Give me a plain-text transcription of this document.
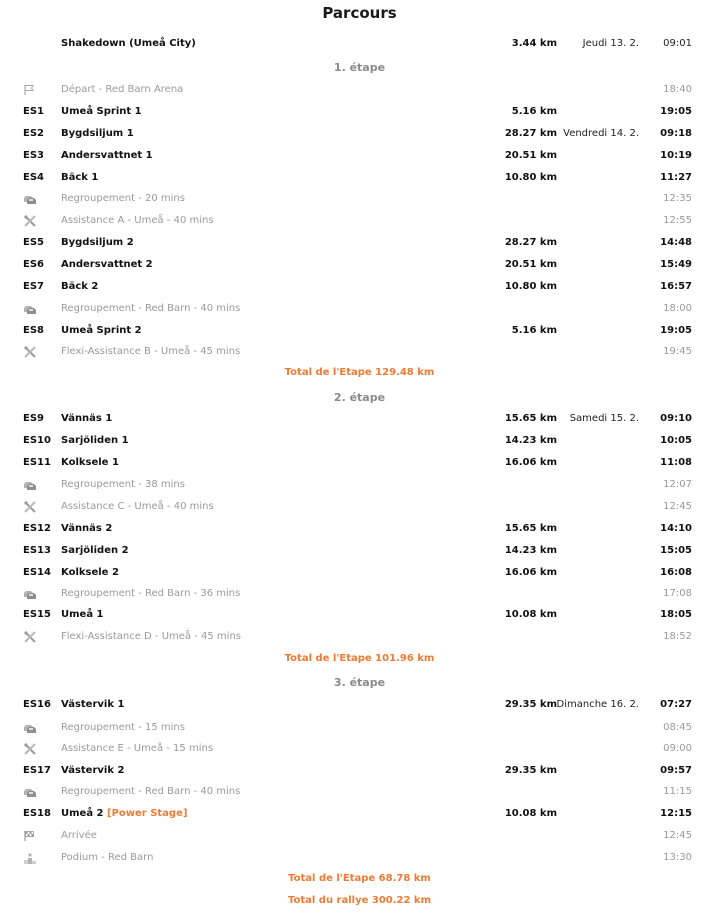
Parcours
Shakedown (Umeå City)	3.44 km	Jeudi 13. 2. 09:01
1. étape
Départ - Red Barn Arena	18:40
ES1 Umeå Sprint 1	5.16 km	19:05
ES2 Bygdsiljum 1	28.27 km Vendredi 14. 2. 09:18
ES3 Andersvattnet 1	20.51 km	10:19
ES4 Bäck 1	10.80 km	11:27
Regroupement - 20 mins	12:35
Assistance A - Umeå - 40 mins	12:55
ES5 Bygdsiljum 2	28.27 km	14:48
ES6 Andersvattnet 2	20.51 km	15:49
ES7 Bäck 2	10.80 km	16:57
Regroupement - Red Barn - 40 mins	18:00
ES8 Umeå Sprint 2	5.16 km	19:05
Flexi-Assistance B - Umeå - 45 mins	19:45
Total de l'Etape 129.48 km
2. étape
ES9 Vännäs 1	15.65 km Samedi 15. 2. 09:10
ES10 Sarjöliden 1	14.23 km	10:05
ES11 Kolksele 1	16.06 km	11:08
Regroupement - 38 mins	12:07
Assistance C - Umeå - 40 mins	12:45
ES12 Vännäs 2	15.65 km	14:10
ES13 Sarjöliden 2	14.23 km	15:05
ES14 Kolksele 2	16.06 km	16:08
Regroupement - Red Barn - 36 mins	17:08
ES15 Umeå 1	10.08 km	18:05
Flexi-Assistance D - Umeå - 45 mins	18:52
Total de l'Etape 101.96 km
3. étape
ES16 Västervik 1	29.35 km Dimanche 16. 2. 07:27
Regroupement - 15 mins	08:45
Assistance E - Umeå - 15 mins	09:00
ES17 Västervik 2	29.35 km	09:57
Regroupement - Red Barn - 40 mins	11:15
ES18 Umeå 2 [Power Stage]	10.08 km	12:15
Arrivée	12:45
Podium - Red Barn	13:30
Total de l'Etape 68.78 km
Total du rallye 300.22 km
